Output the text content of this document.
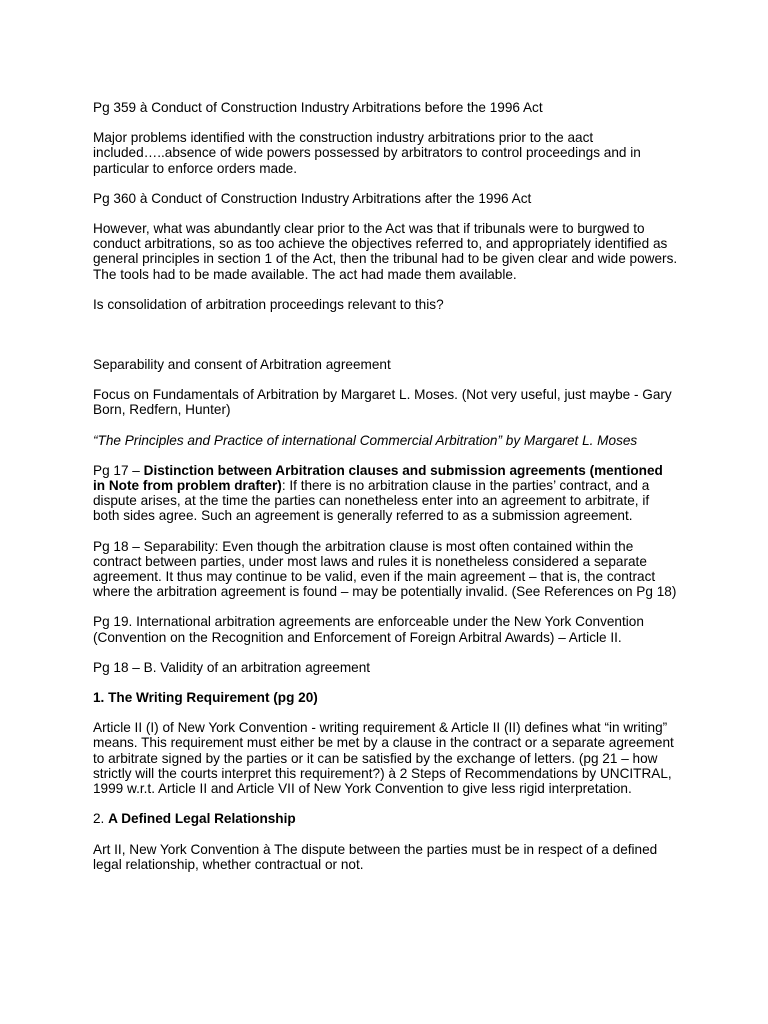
Pg 359 à Conduct of Construction Industry Arbitrations before the 1996 Act

Major problems identified with the construction industry arbitrations prior to the aact included…..absence of wide powers possessed by arbitrators to control proceedings and in particular to enforce orders made.

Pg 360 à Conduct of Construction Industry Arbitrations after the 1996 Act

However, what was abundantly clear prior to the Act was that if tribunals were to burgwed to conduct arbitrations, so as too achieve the objectives referred to, and appropriately identified as general principles in section 1 of the Act, then the tribunal had to be given clear and wide powers. The tools had to be made available. The act had made them available.

Is consolidation of arbitration proceedings relevant to this?

Separability and consent of Arbitration agreement

Focus on Fundamentals of Arbitration by Margaret L. Moses. (Not very useful, just maybe - Gary Born, Redfern, Hunter)

“The Principles and Practice of international Commercial Arbitration” by Margaret L. Moses

Pg 17 – Distinction between Arbitration clauses and submission agreements (mentioned in Note from problem drafter): If there is no arbitration clause in the parties’ contract, and a dispute arises, at the time the parties can nonetheless enter into an agreement to arbitrate, if both sides agree. Such an agreement is generally referred to as a submission agreement.

Pg 18 – Separability: Even though the arbitration clause is most often contained within the contract between parties, under most laws and rules it is nonetheless considered a separate agreement. It thus may continue to be valid, even if the main agreement – that is, the contract where the arbitration agreement is found – may be potentially invalid. (See References on Pg 18)

Pg 19. International arbitration agreements are enforceable under the New York Convention (Convention on the Recognition and Enforcement of Foreign Arbitral Awards) – Article II.

Pg 18 – B. Validity of an arbitration agreement

1. The Writing Requirement (pg 20)

Article II (I) of New York Convention - writing requirement & Article II (II) defines what “in writing” means. This requirement must either be met by a clause in the contract or a separate agreement to arbitrate signed by the parties or it can be satisfied by the exchange of letters. (pg 21 – how strictly will the courts interpret this requirement?) à 2 Steps of Recommendations by UNCITRAL, 1999 w.r.t. Article II and Article VII of New York Convention to give less rigid interpretation.

2. A Defined Legal Relationship

Art II, New York Convention à The dispute between the parties must be in respect of a defined legal relationship, whether contractual or not.
